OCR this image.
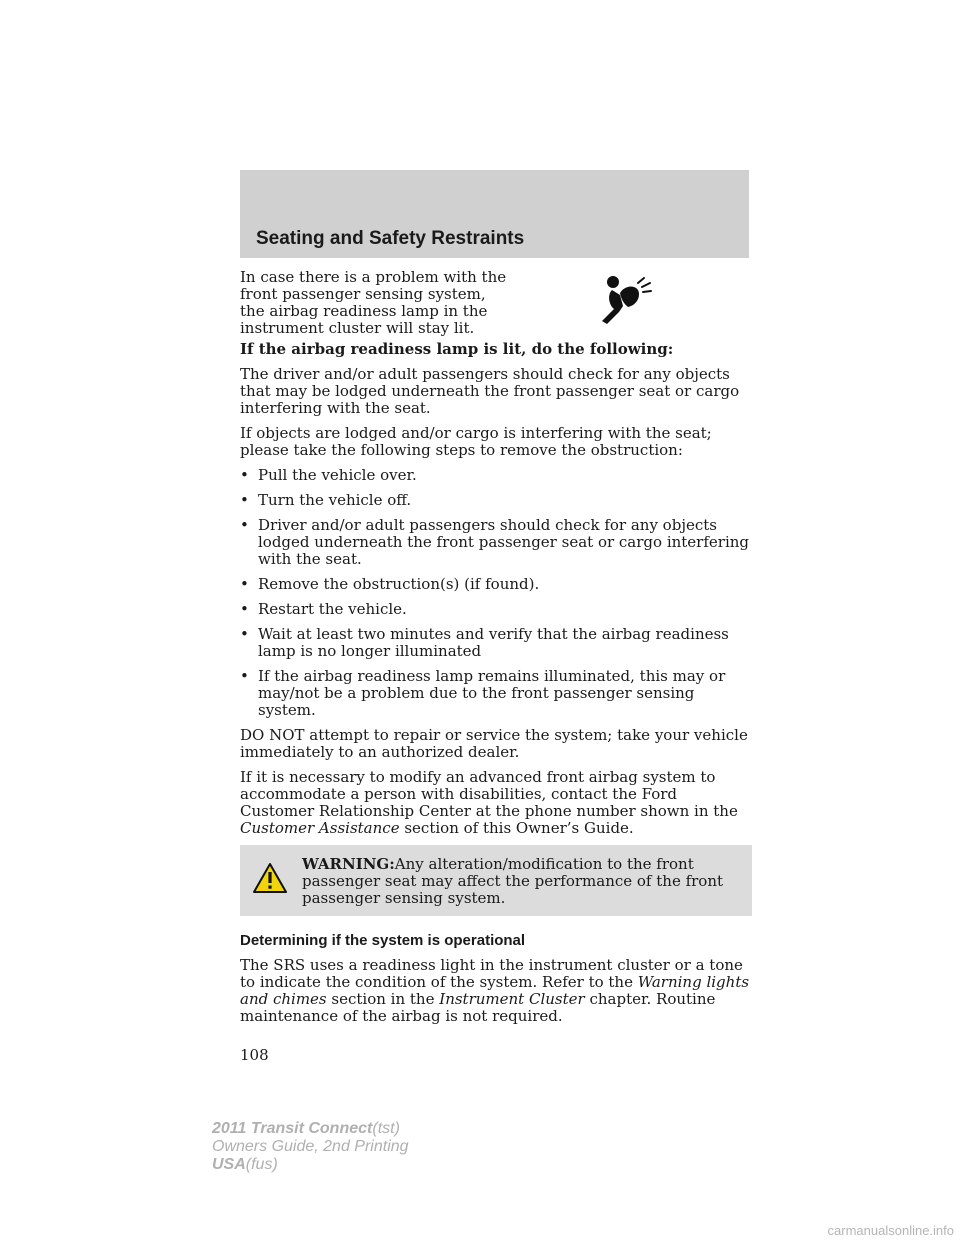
Seating and Safety Restraints
In case there is a problem with the front passenger sensing system, the airbag readiness lamp in the instrument cluster will stay lit.

If the airbag readiness lamp is lit, do the following:

The driver and/or adult passengers should check for any objects that may be lodged underneath the front passenger seat or cargo interfering with the seat.

If objects are lodged and/or cargo is interfering with the seat; please take the following steps to remove the obstruction:

• Pull the vehicle over.
• Turn the vehicle off.
• Driver and/or adult passengers should check for any objects lodged underneath the front passenger seat or cargo interfering with the seat.
• Remove the obstruction(s) (if found).
• Restart the vehicle.
• Wait at least two minutes and verify that the airbag readiness lamp is no longer illuminated
• If the airbag readiness lamp remains illuminated, this may or may/not be a problem due to the front passenger sensing system.

DO NOT attempt to repair or service the system; take your vehicle immediately to an authorized dealer.

If it is necessary to modify an advanced front airbag system to accommodate a person with disabilities, contact the Ford Customer Relationship Center at the phone number shown in the Customer Assistance section of this Owner’s Guide.

WARNING:Any alteration/modification to the front passenger seat may affect the performance of the front passenger sensing system.

Determining if the system is operational

The SRS uses a readiness light in the instrument cluster or a tone to indicate the condition of the system. Refer to the Warning lights and chimes section in the Instrument Cluster chapter. Routine maintenance of the airbag is not required.

108
2011 Transit Connect(tst)
Owners Guide, 2nd Printing
USA(fus)
carmanualsonline.info
